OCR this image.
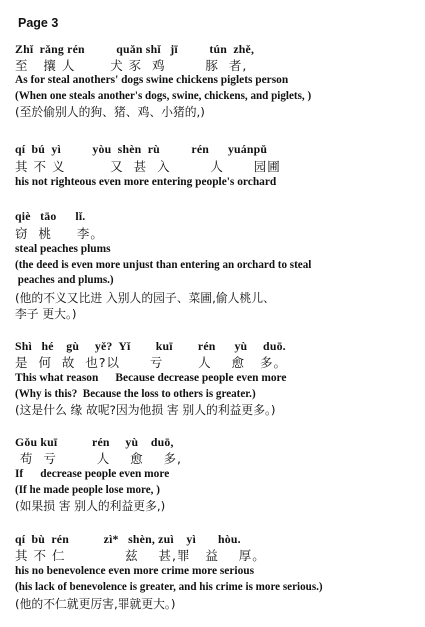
Page 3
Zhǐ  rǎng rén          quǎn shǐ   jī          tún  zhě,
至   攘 人       犬 豕  鸡        豚  者,
As for steal anothers' dogs swine chickens piglets person
(When one steals another's dogs, swine, chickens, and piglets, )
(至於偷别人的狗、猪、鸡、小猪的,)
qí  bú  yì          yòu  shèn  rù          rén      yuánpǔ
其 不 义         又  甚  入        人      园圃
his not righteous even more entering people's orchard
qiè   tāo      lǐ.
窃  桃     李。
steal peaches plums
(the deed is even more unjust than entering an orchard to steal
peaches and plums.)
(他的不义又比进 入别人的园子、菜圃,偷人桃儿、
李子 更大。)
Shì   hé    gù     yě?  Yǐ        kuī        rén      yù     duō.
是  何  故  也?以      亏       人    愈   多。
This what reason      Because decrease people even more
(Why is this?  Because the loss to others is greater.)
(这是什么 缘 故呢?因为他损 害 别人的利益更多。)
Gǒu kuī           rén     yù    duō,
苟  亏        人    愈    多,
If      decrease people even more
(If he made people lose more, )
(如果损 害 别人的利益更多,)
qí  bù  rén           zì*   shèn, zuì    yì       hòu.
其 不 仁            兹    甚,罪   益    厚。
his no benevolence even more crime more serious
(his lack of benevolence is greater, and his crime is more serious.)
(他的不仁就更厉害,罪就更大。)
